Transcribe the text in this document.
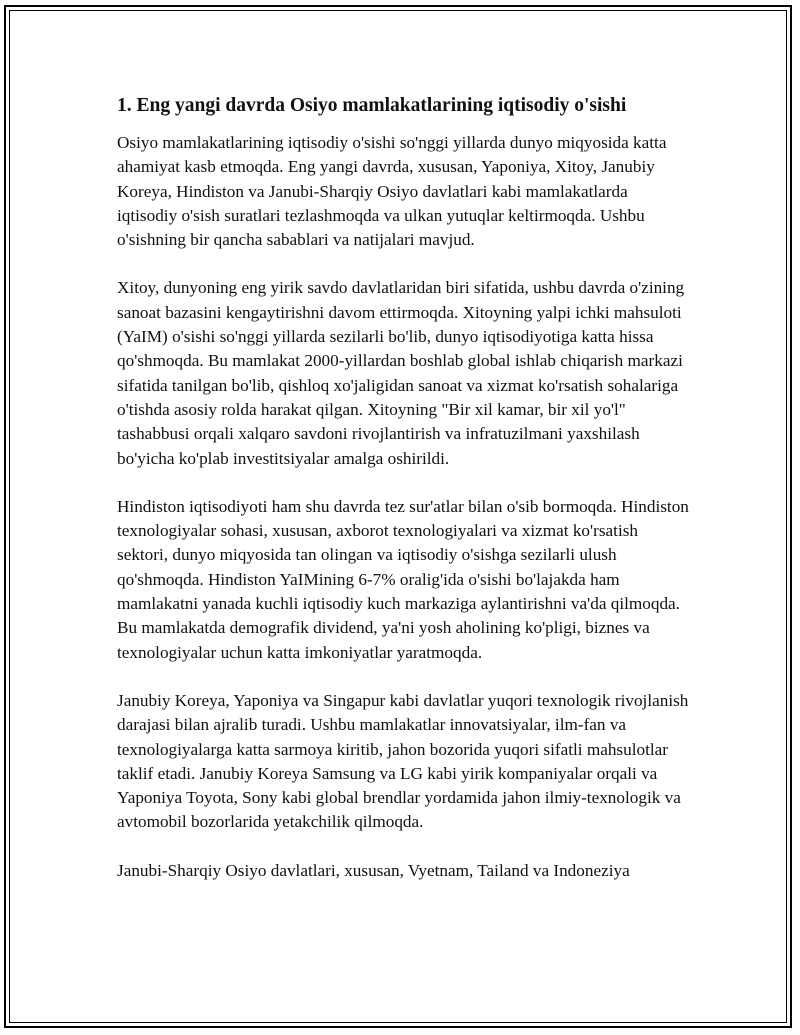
1. Eng yangi davrda Osiyo mamlakatlarining iqtisodiy o'sishi

Osiyo mamlakatlarining iqtisodiy o'sishi so'nggi yillarda dunyo miqyosida katta ahamiyat kasb etmoqda. Eng yangi davrda, xususan, Yaponiya, Xitoy, Janubiy Koreya, Hindiston va Janubi-Sharqiy Osiyo davlatlari kabi mamlakatlarda iqtisodiy o'sish suratlari tezlashmoqda va ulkan yutuqlar keltirmoqda. Ushbu o'sishning bir qancha sabablari va natijalari mavjud.

Xitoy, dunyoning eng yirik savdo davlatlaridan biri sifatida, ushbu davrda o'zining sanoat bazasini kengaytirishni davom ettirmoqda. Xitoyning yalpi ichki mahsuloti (YaIM) o'sishi so'nggi yillarda sezilarli bo'lib, dunyo iqtisodiyotiga katta hissa qo'shmoqda. Bu mamlakat 2000-yillardan boshlab global ishlab chiqarish markazi sifatida tanilgan bo'lib, qishloq xo'jaligidan sanoat va xizmat ko'rsatish sohalariga o'tishda asosiy rolda harakat qilgan. Xitoyning "Bir xil kamar, bir xil yo'l" tashabbusi orqali xalqaro savdoni rivojlantirish va infratuzilmani yaxshilash bo'yicha ko'plab investitsiyalar amalga oshirildi.

Hindiston iqtisodiyoti ham shu davrda tez sur'atlar bilan o'sib bormoqda. Hindiston texnologiyalar sohasi, xususan, axborot texnologiyalari va xizmat ko'rsatish sektori, dunyo miqyosida tan olingan va iqtisodiy o'sishga sezilarli ulush qo'shmoqda. Hindiston YaIMining 6-7% oralig'ida o'sishi bo'lajakda ham mamlakatni yanada kuchli iqtisodiy kuch markaziga aylantirishni va'da qilmoqda. Bu mamlakatda demografik dividend, ya'ni yosh aholining ko'pligi, biznes va texnologiyalar uchun katta imkoniyatlar yaratmoqda.

Janubiy Koreya, Yaponiya va Singapur kabi davlatlar yuqori texnologik rivojlanish darajasi bilan ajralib turadi. Ushbu mamlakatlar innovatsiyalar, ilm-fan va texnologiyalarga katta sarmoya kiritib, jahon bozorida yuqori sifatli mahsulotlar taklif etadi. Janubiy Koreya Samsung va LG kabi yirik kompaniyalar orqali va Yaponiya Toyota, Sony kabi global brendlar yordamida jahon ilmiy-texnologik va avtomobil bozorlarida yetakchilik qilmoqda.

Janubi-Sharqiy Osiyo davlatlari, xususan, Vyetnam, Tailand va Indoneziya
